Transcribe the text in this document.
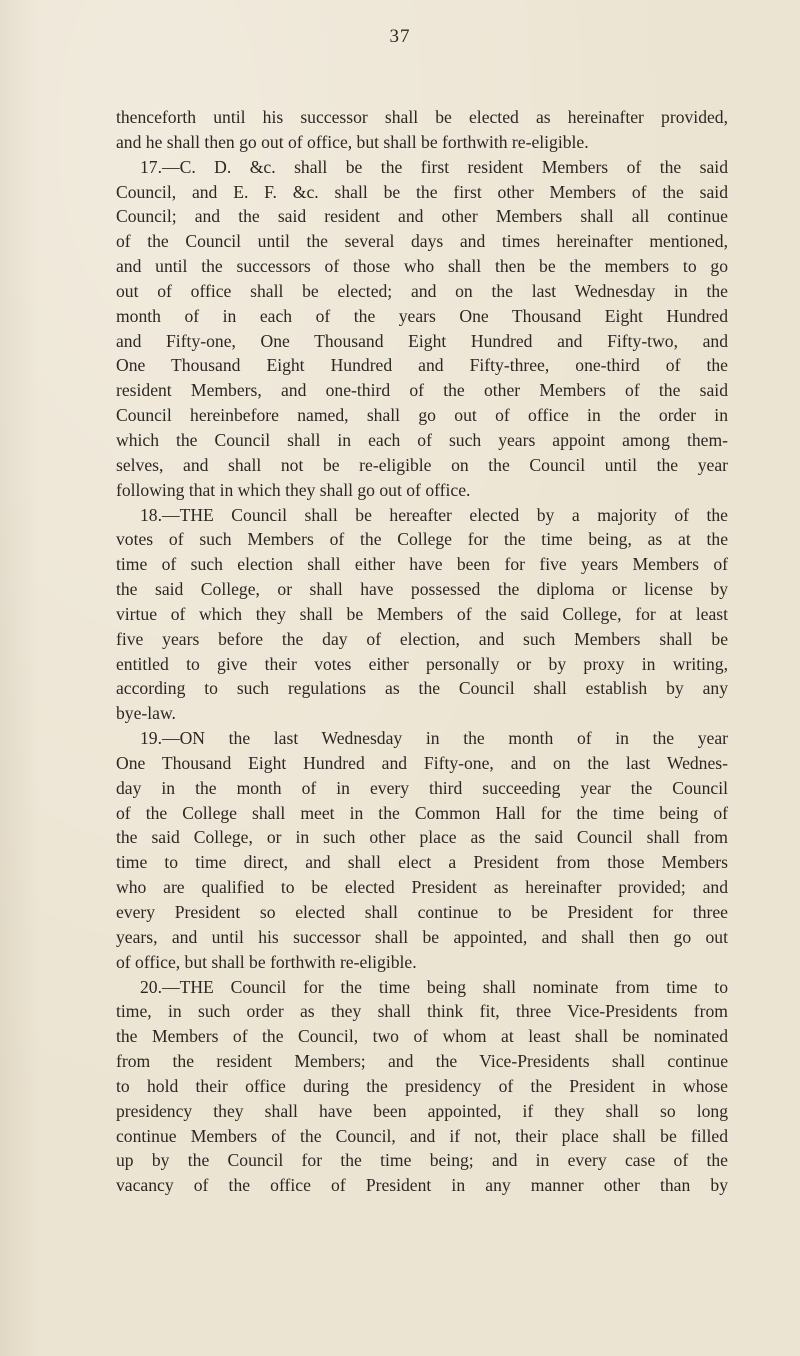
37
thenceforth until his successor shall be elected as hereinafter provided,
and he shall then go out of office, but shall be forthwith re-eligible.
17.—C. D. &c. shall be the first resident Members of the said
Council, and E. F. &c. shall be the first other Members of the said
Council; and the said resident and other Members shall all continue
of the Council until the several days and times hereinafter mentioned,
and until the successors of those who shall then be the members to go
out of office shall be elected; and on the last Wednesday in the
month of in each of the years One Thousand Eight Hundred
and Fifty-one, One Thousand Eight Hundred and Fifty-two, and
One Thousand Eight Hundred and Fifty-three, one-third of the
resident Members, and one-third of the other Members of the said
Council hereinbefore named, shall go out of office in the order in
which the Council shall in each of such years appoint among them-
selves, and shall not be re-eligible on the Council until the year
following that in which they shall go out of office.
18.—THE Council shall be hereafter elected by a majority of the
votes of such Members of the College for the time being, as at the
time of such election shall either have been for five years Members of
the said College, or shall have possessed the diploma or license by
virtue of which they shall be Members of the said College, for at least
five years before the day of election, and such Members shall be
entitled to give their votes either personally or by proxy in writing,
according to such regulations as the Council shall establish by any
bye-law.
19.—ON the last Wednesday in the month of in the year
One Thousand Eight Hundred and Fifty-one, and on the last Wednes-
day in the month of in every third succeeding year the Council
of the College shall meet in the Common Hall for the time being of
the said College, or in such other place as the said Council shall from
time to time direct, and shall elect a President from those Members
who are qualified to be elected President as hereinafter provided; and
every President so elected shall continue to be President for three
years, and until his successor shall be appointed, and shall then go out
of office, but shall be forthwith re-eligible.
20.—THE Council for the time being shall nominate from time to
time, in such order as they shall think fit, three Vice-Presidents from
the Members of the Council, two of whom at least shall be nominated
from the resident Members; and the Vice-Presidents shall continue
to hold their office during the presidency of the President in whose
presidency they shall have been appointed, if they shall so long
continue Members of the Council, and if not, their place shall be filled
up by the Council for the time being; and in every case of the
vacancy of the office of President in any manner other than by
